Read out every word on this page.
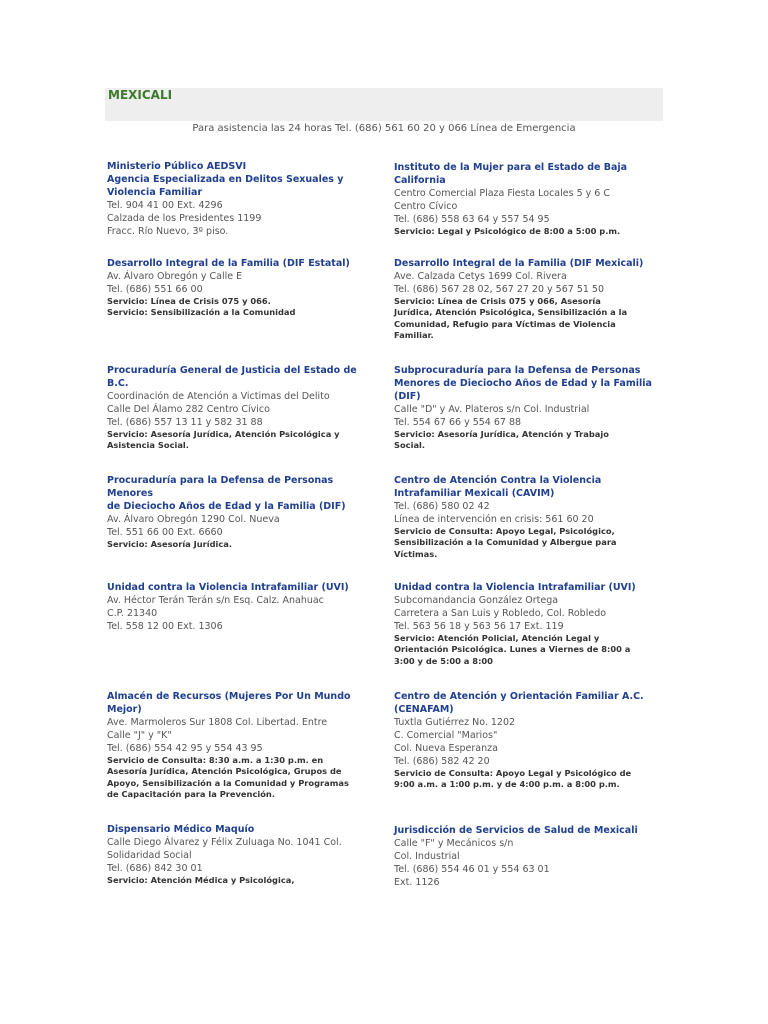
MEXICALI
Para asistencia las 24 horas Tel. (686) 561 60 20 y 066 Línea de Emergencia
Ministerio Público AEDSVI
Agencia Especializada en Delitos Sexuales y
Violencia Familiar
Tel. 904 41 00 Ext. 4296
Calzada de los Presidentes 1199
Fracc. Río Nuevo, 3º piso.
Desarrollo Integral de la Familia (DIF Estatal)
Av. Álvaro Obregón y Calle E
Tel. (686) 551 66 00
Servicio: Línea de Crisis 075 y 066.
Servicio: Sensibilización a la Comunidad
Procuraduría General de Justicia del Estado de
B.C.
Coordinación de Atención a Victimas del Delito
Calle Del Álamo 282 Centro Cívico
Tel. (686) 557 13 11 y 582 31 88
Servicio: Asesoría Jurídica, Atención Psicológica y
Asistencia Social.
Procuraduría para la Defensa de Personas Menores
de Dieciocho Años de Edad y la Familia (DIF)
Av. Álvaro Obregón 1290 Col. Nueva
Tel. 551 66 00 Ext. 6660
Servicio: Asesoría Jurídica.
Unidad contra la Violencia Intrafamiliar (UVI)
Av. Héctor Terán Terán s/n Esq. Calz. Anahuac
C.P. 21340
Tel. 558 12 00 Ext. 1306
Almacén de Recursos (Mujeres Por Un Mundo
Mejor)
Ave. Marmoleros Sur 1808 Col. Libertad. Entre
Calle "J" y "K"
Tel. (686) 554 42 95 y 554 43 95
Servicio de Consulta: 8:30 a.m. a 1:30 p.m. en
Asesoría Jurídica, Atención Psicológica, Grupos de
Apoyo, Sensibilización a la Comunidad y Programas
de Capacitación para la Prevención.
Dispensario Médico Maquío
Calle Diego Álvarez y Félix Zuluaga No. 1041 Col.
Solidaridad Social
Tel. (686) 842 30 01
Servicio: Atención Médica y Psicológica,
Instituto de la Mujer para el Estado de Baja
California
Centro Comercial Plaza Fiesta Locales 5 y 6 C
Centro Cívico
Tel. (686) 558 63 64 y 557 54 95
Servicio: Legal y Psicológico de 8:00 a 5:00 p.m.
Desarrollo Integral de la Familia (DIF Mexicali)
Ave. Calzada Cetys 1699 Col. Rivera
Tel. (686) 567 28 02, 567 27 20 y 567 51 50
Servicio: Línea de Crisis 075 y 066, Asesoría
Jurídica, Atención Psicológica, Sensibilización a la
Comunidad, Refugio para Víctimas de Violencia
Familiar.
Subprocuraduría para la Defensa de Personas
Menores de Dieciocho Años de Edad y la Familia
(DIF)
Calle "D" y Av. Plateros s/n Col. Industrial
Tel. 554 67 66 y 554 67 88
Servicio: Asesoría Jurídica, Atención y Trabajo
Social.
Centro de Atención Contra la Violencia
Intrafamiliar Mexicali (CAVIM)
Tel. (686) 580 02 42
Línea de intervención en crisis: 561 60 20
Servicio de Consulta: Apoyo Legal, Psicológico,
Sensibilización a la Comunidad y Albergue para
Víctimas.
Unidad contra la Violencia Intrafamiliar (UVI)
Subcomandancia González Ortega
Carretera a San Luis y Robledo, Col. Robledo
Tel. 563 56 18 y 563 56 17 Ext. 119
Servicio: Atención Policial, Atención Legal y
Orientación Psicológica. Lunes a Viernes de 8:00 a
3:00 y de 5:00 a 8:00
Centro de Atención y Orientación Familiar A.C.
(CENAFAM)
Tuxtla Gutiérrez No. 1202
C. Comercial "Marios"
Col. Nueva Esperanza
Tel. (686) 582 42 20
Servicio de Consulta: Apoyo Legal y Psicológico de
9:00 a.m. a 1:00 p.m. y de 4:00 p.m. a 8:00 p.m.
Jurisdicción de Servicios de Salud de Mexicali
Calle "F" y Mecánicos s/n
Col. Industrial
Tel. (686) 554 46 01 y 554 63 01
Ext. 1126
